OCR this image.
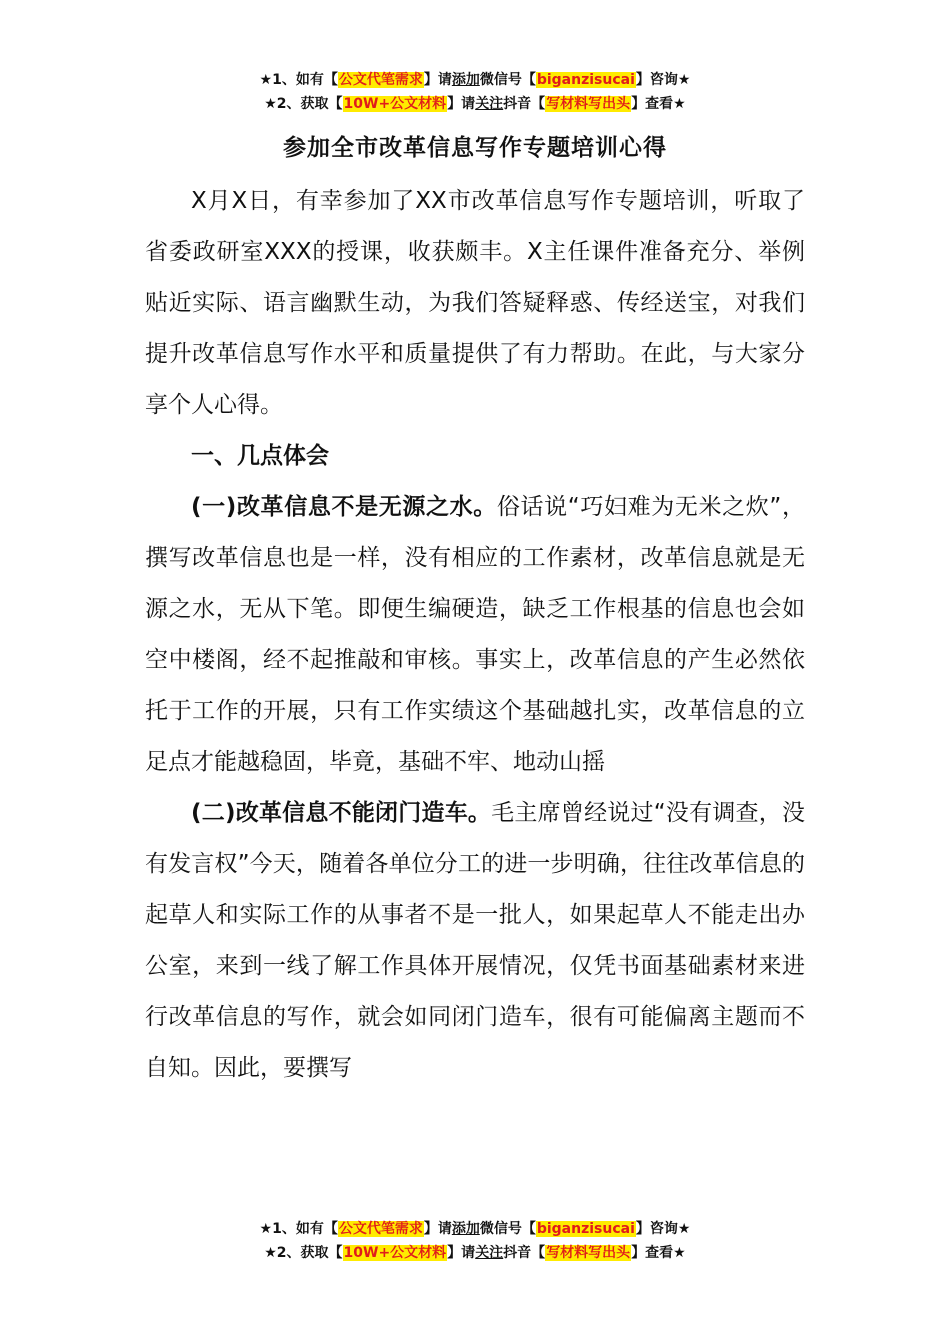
★1、如有【公文代笔需求】请添加微信号【biganzisucai】咨询★
★2、获取【10W+公文材料】请关注抖音【写材料写出头】查看★
参加全市改革信息写作专题培训心得

X月X日，有幸参加了XX市改革信息写作专题培训，听取了省委政研室XXX的授课，收获颇丰。X主任课件准备充分、举例贴近实际、语言幽默生动，为我们答疑释惑、传经送宝，对我们提升改革信息写作水平和质量提供了有力帮助。在此，与大家分享个人心得。

一、几点体会

(一)改革信息不是无源之水。俗话说“巧妇难为无米之炊”，撰写改革信息也是一样，没有相应的工作素材，改革信息就是无源之水，无从下笔。即便生编硬造，缺乏工作根基的信息也会如空中楼阁，经不起推敲和审核。事实上，改革信息的产生必然依托于工作的开展，只有工作实绩这个基础越扎实，改革信息的立足点才能越稳固，毕竟，基础不牢、地动山摇

(二)改革信息不能闭门造车。毛主席曾经说过“没有调查，没有发言权”今天，随着各单位分工的进一步明确，往往改革信息的起草人和实际工作的从事者不是一批人，如果起草人不能走出办公室，来到一线了解工作具体开展情况，仅凭书面基础素材来进行改革信息的写作，就会如同闭门造车，很有可能偏离主题而不自知。因此，要撰写

★1、如有【公文代笔需求】请添加微信号【biganzisucai】咨询★
★2、获取【10W+公文材料】请关注抖音【写材料写出头】查看★
